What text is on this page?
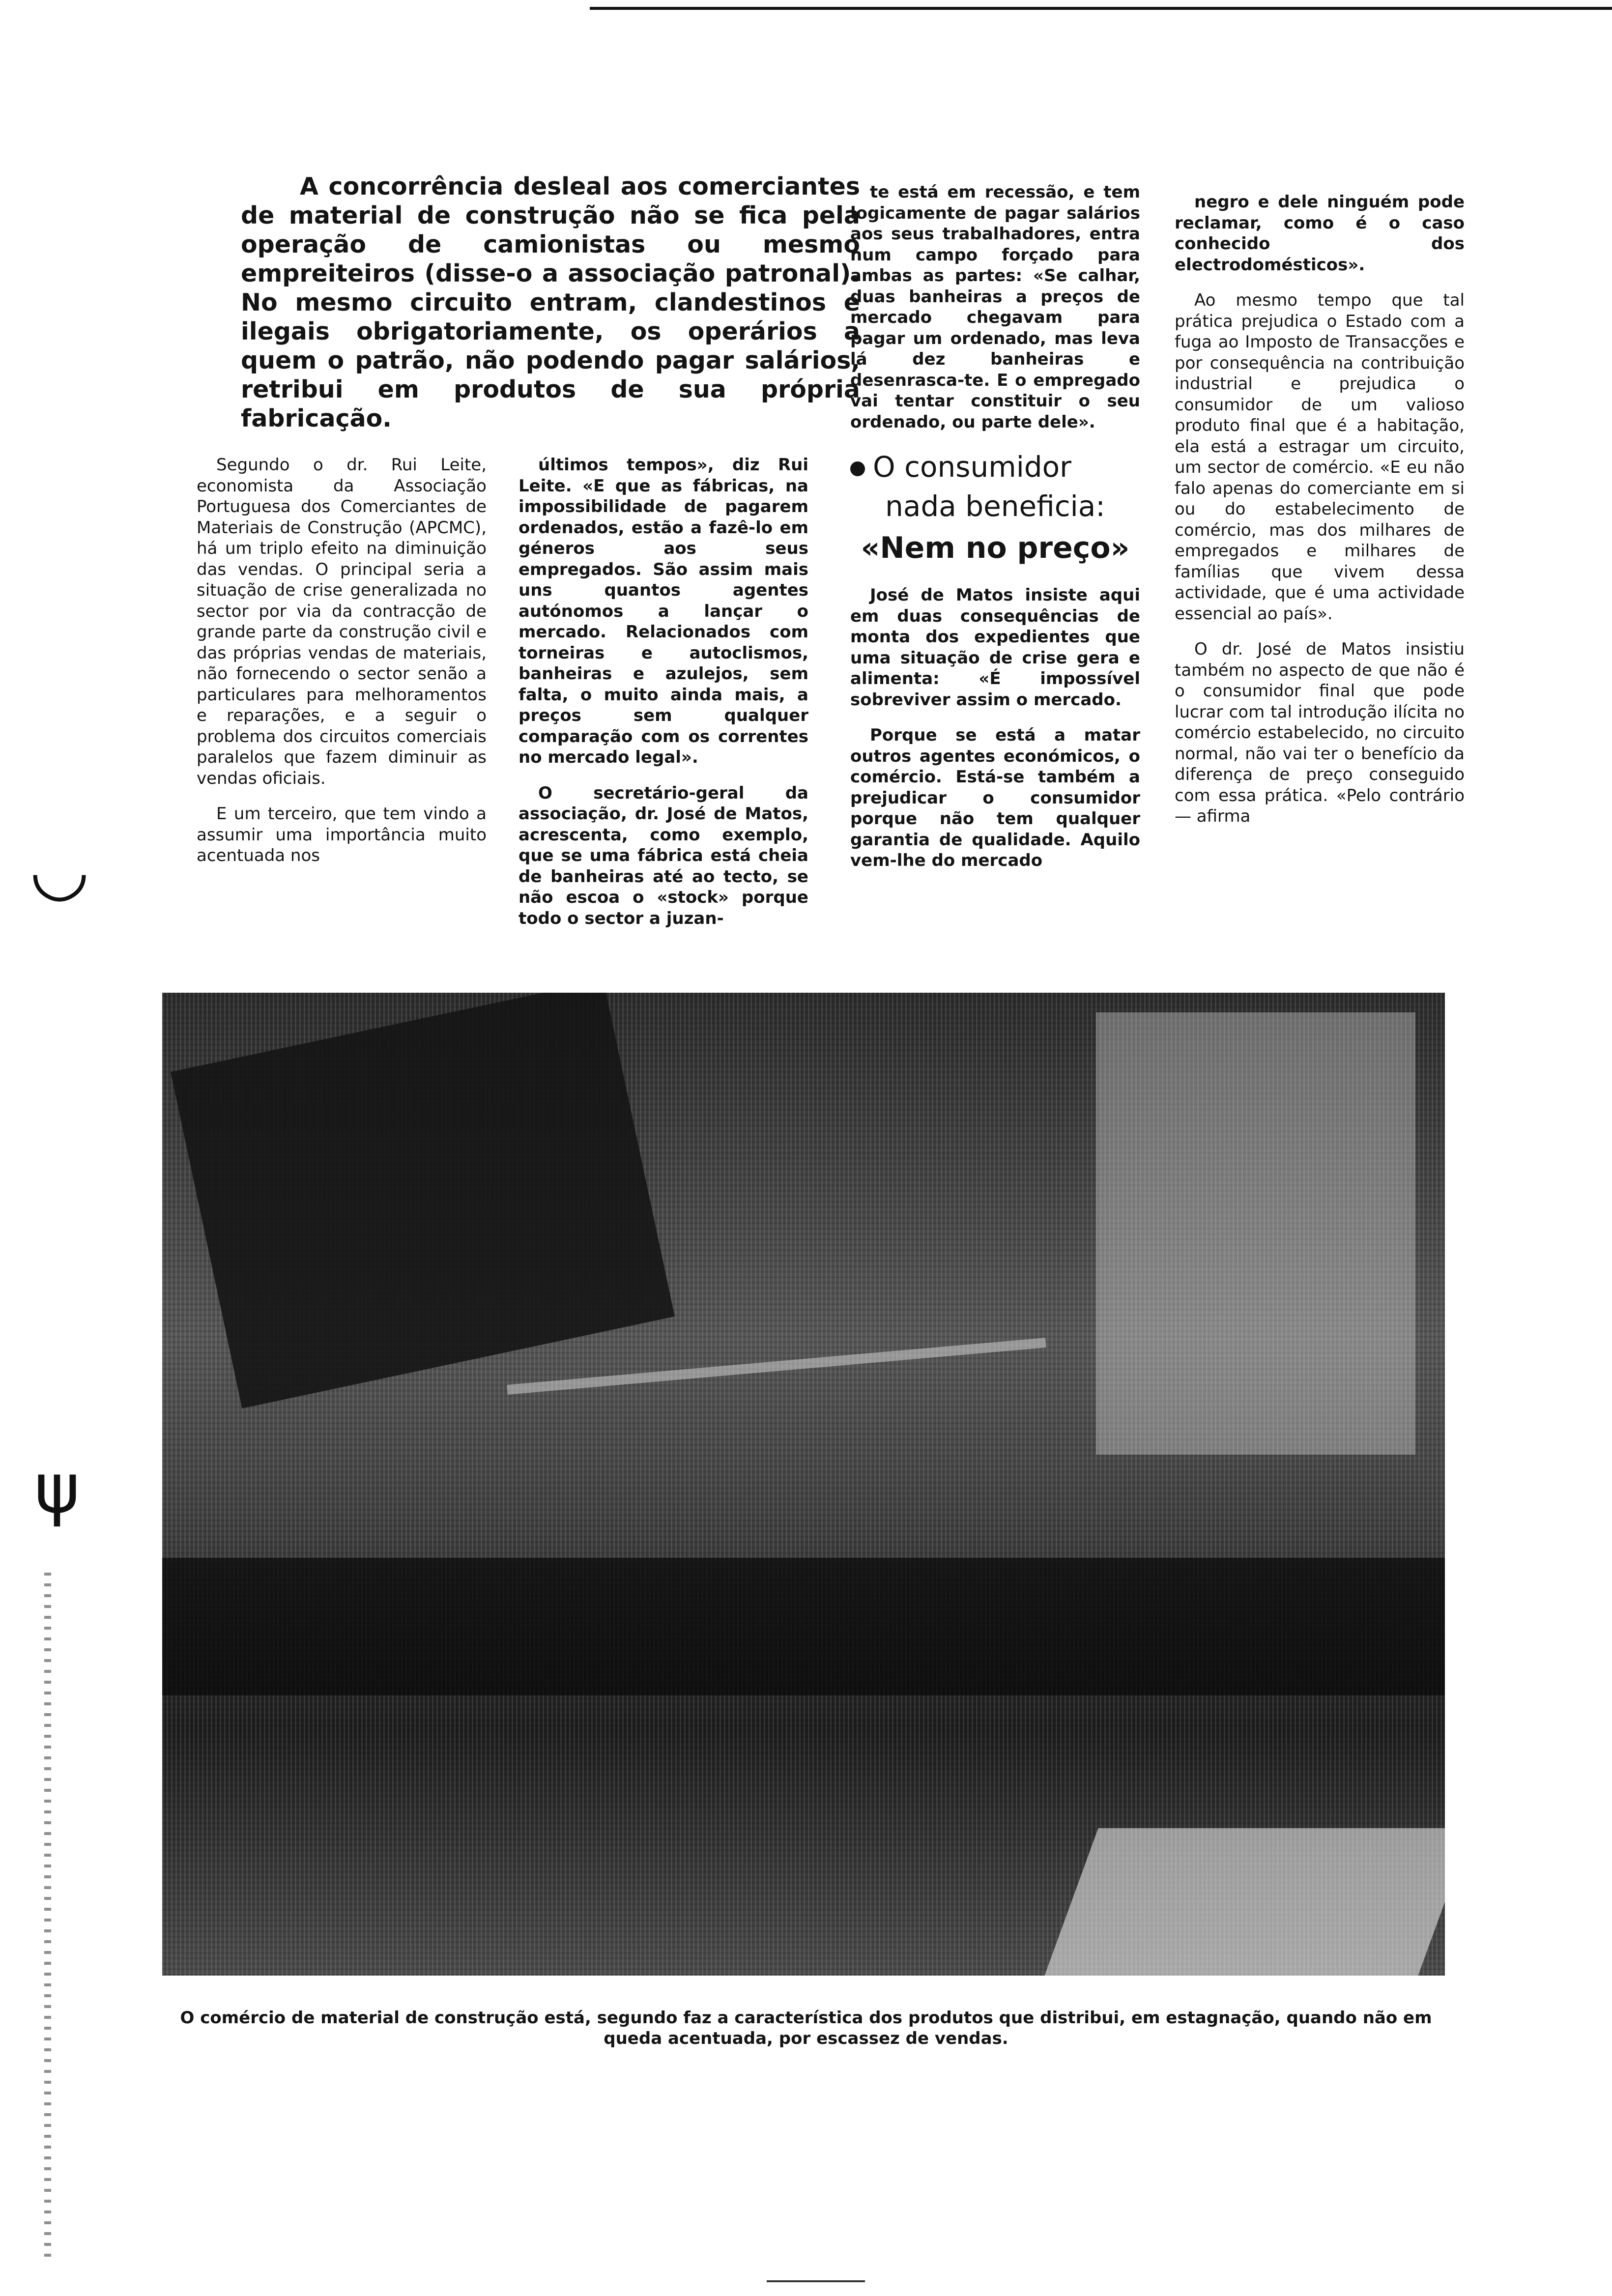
◡
ψ

A concorrência desleal aos comerciantes de material de construção não se fica pela operação de camionistas ou mesmo empreiteiros (disse-o a associação patronal). No mesmo circuito entram, clandestinos e ilegais obrigatoriamente, os operários a quem o patrão, não podendo pagar salários, retribui em produtos de sua própria fabricação.

Segundo o dr. Rui Leite, economista da Associação Portuguesa dos Comerciantes de Materiais de Construção (APCMC), há um triplo efeito na diminuição das vendas. O principal seria a situação de crise generalizada no sector por via da contracção de grande parte da construção civil e das próprias vendas de materiais, não fornecendo o sector senão a particulares para melhoramentos e reparações, e a seguir o problema dos circuitos comerciais paralelos que fazem diminuir as vendas oficiais.

E um terceiro, que tem vindo a assumir uma importância muito acentuada nos

últimos tempos», diz Rui Leite. «E que as fábricas, na impossibilidade de pagarem ordenados, estão a fazê-lo em géneros aos seus empregados. São assim mais uns quantos agentes autónomos a lançar o mercado. Relacionados com torneiras e autoclismos, banheiras e azulejos, sem falta, o muito ainda mais, a preços sem qualquer comparação com os correntes no mercado legal».

O secretário-geral da associação, dr. José de Matos, acrescenta, como exemplo, que se uma fábrica está cheia de banheiras até ao tecto, se não escoa o «stock» porque todo o sector a juzan-

te está em recessão, e tem logicamente de pagar salários aos seus trabalhadores, entra num campo forçado para ambas as partes: «Se calhar, duas banheiras a preços de mercado chegavam para pagar um ordenado, mas leva lá dez banheiras e desenrasca-te. E o empregado vai tentar constituir o seu ordenado, ou parte dele».

O consumidor
nada beneficia:
«Nem no preço»

José de Matos insiste aqui em duas consequências de monta dos expedientes que uma situação de crise gera e alimenta: «É impossível sobreviver assim o mercado.

Porque se está a matar outros agentes económicos, o comércio. Está-se também a prejudicar o consumidor porque não tem qualquer garantia de qualidade. Aquilo vem-lhe do mercado

negro e dele ninguém pode reclamar, como é o caso conhecido dos electrodomésticos».

Ao mesmo tempo que tal prática prejudica o Estado com a fuga ao Imposto de Transacções e por consequência na contribuição industrial e prejudica o consumidor de um valioso produto final que é a habitação, ela está a estragar um circuito, um sector de comércio. «E eu não falo apenas do comerciante em si ou do estabelecimento de comércio, mas dos milhares de empregados e milhares de famílias que vivem dessa actividade, que é uma actividade essencial ao país».

O dr. José de Matos insistiu também no aspecto de que não é o consumidor final que pode lucrar com tal introdução ilícita no comércio estabelecido, no circuito normal, não vai ter o benefício da diferença de preço conseguido com essa prática. «Pelo contrário — afirma

O comércio de material de construção está, segundo faz a característica dos produtos que distribui, em estagnação, quando não em queda acentuada, por escassez de vendas.
